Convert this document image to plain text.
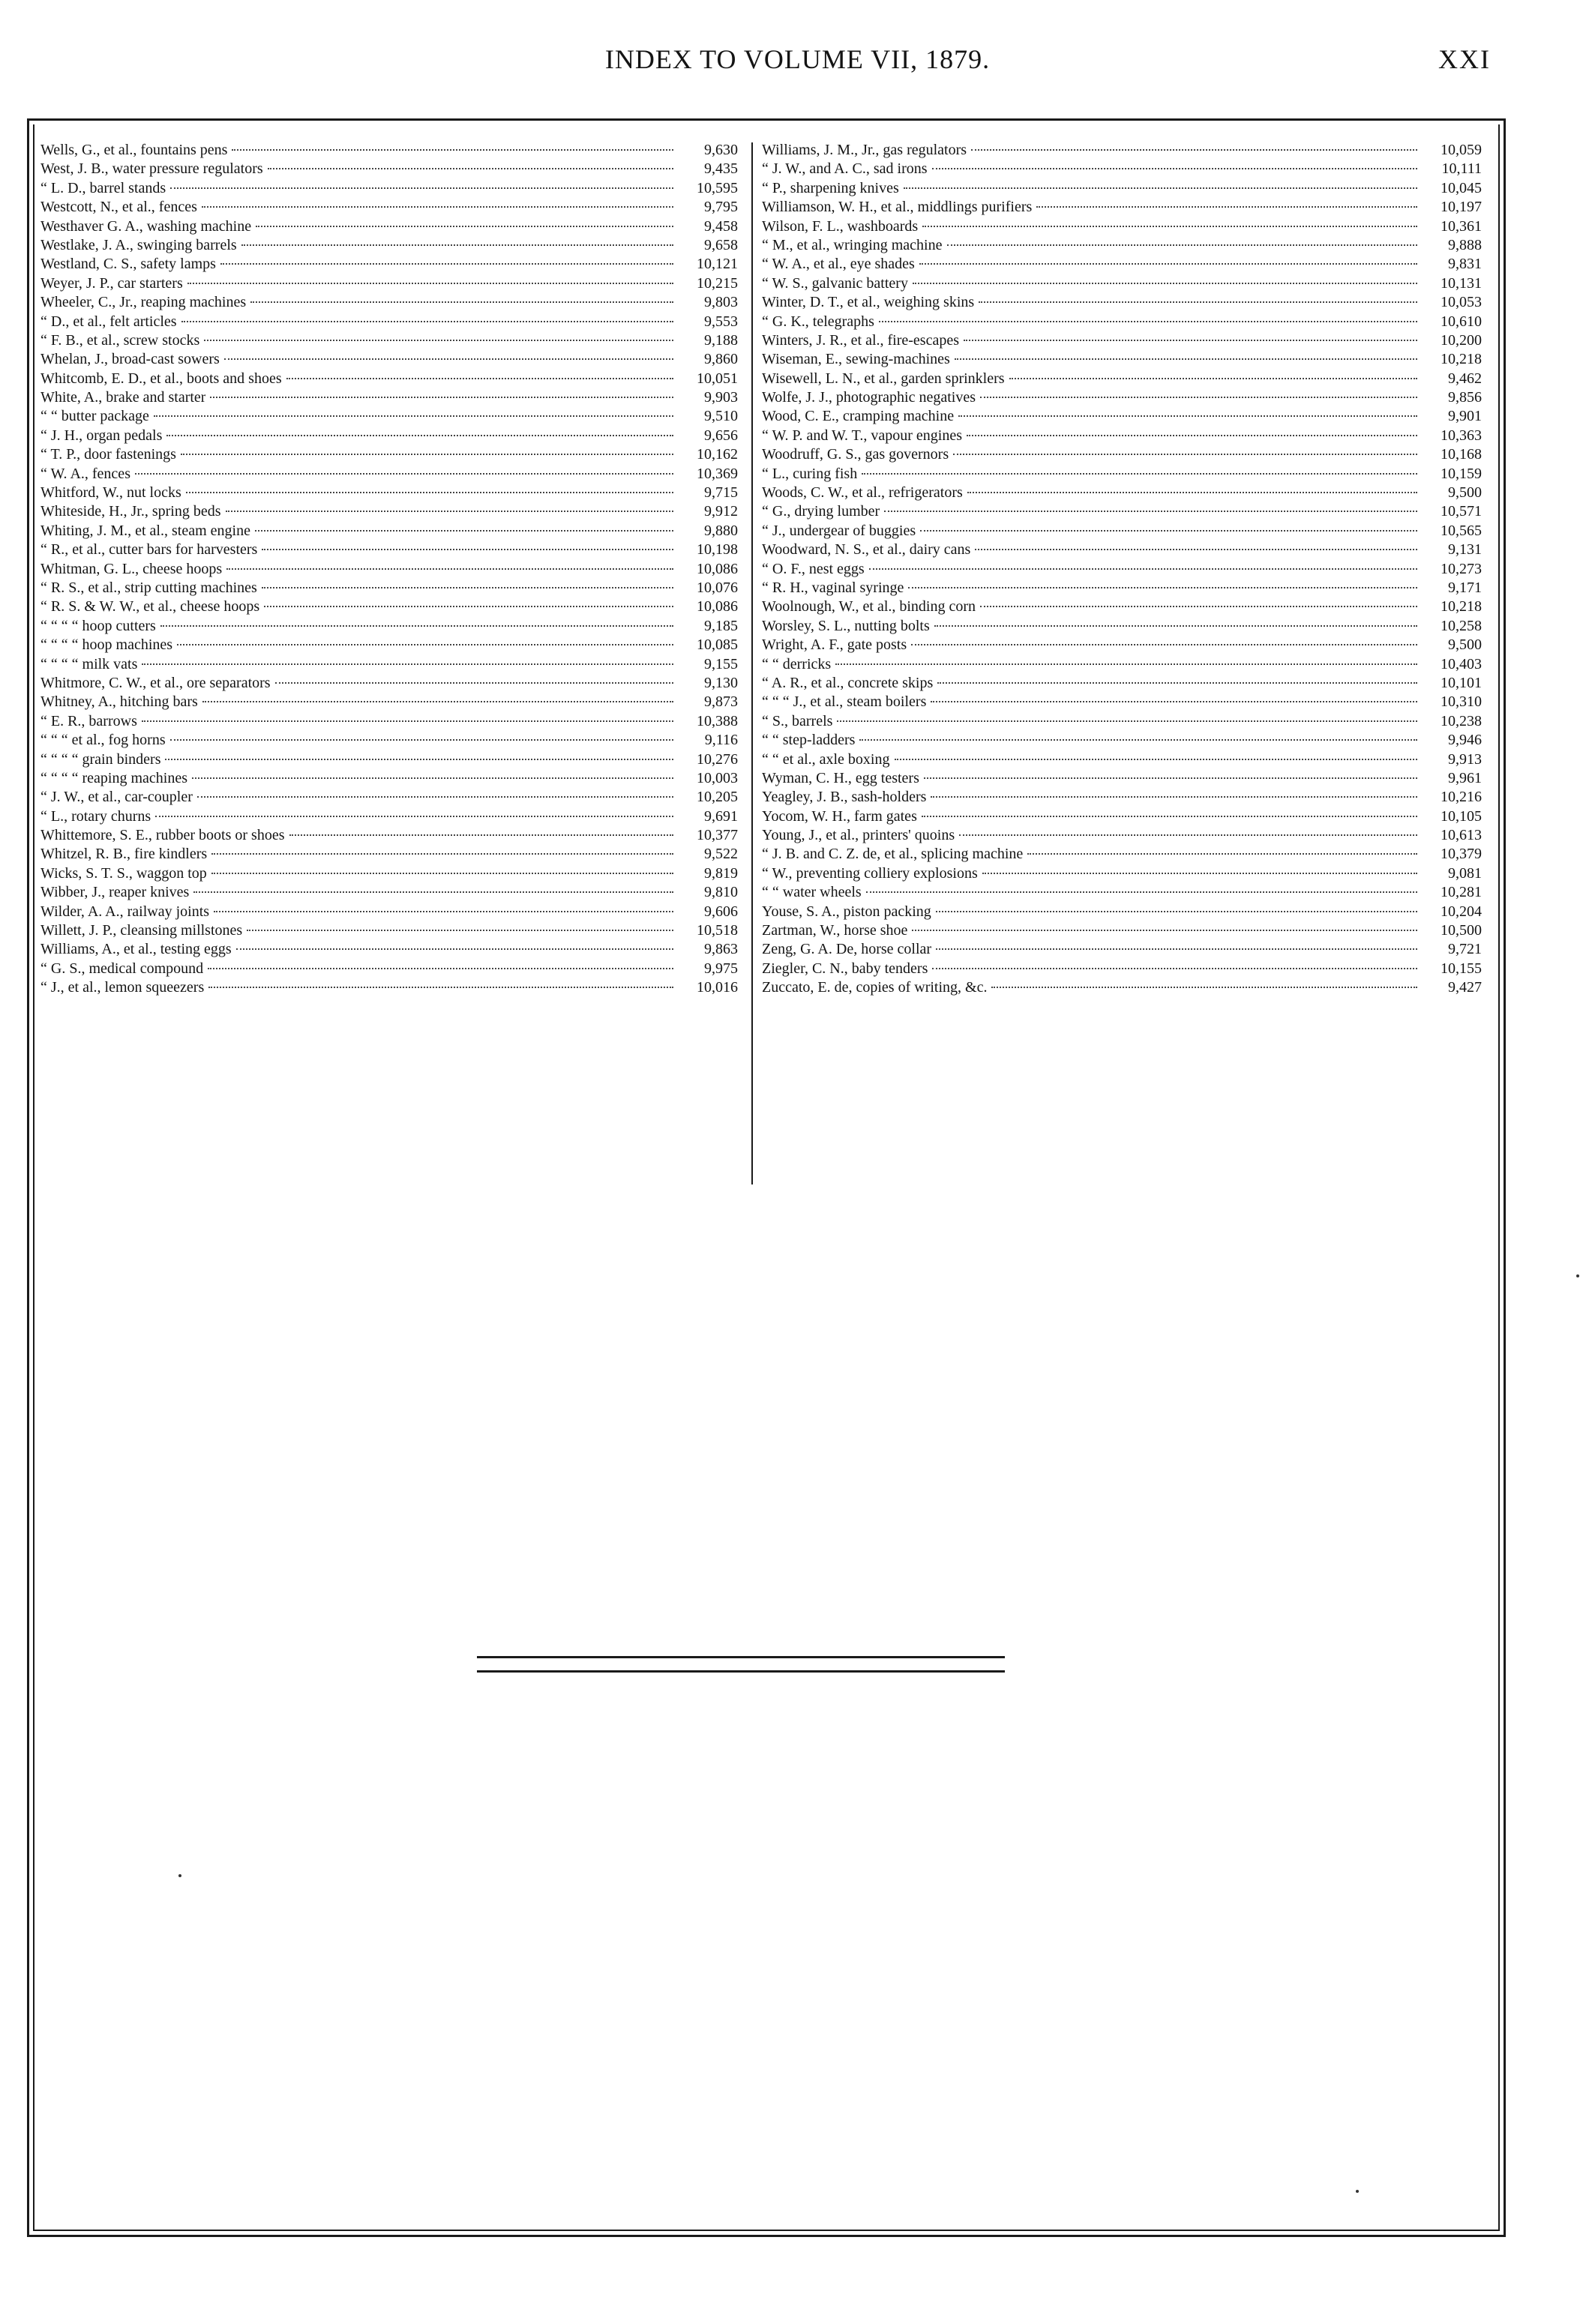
INDEX TO VOLUME VII, 1879.	XXI
Wells, G., et al., fountains pens	9,630
West, J. B., water pressure regulators	9,435
“ L. D., barrel stands	10,595
Westcott, N., et al., fences	9,795
Westhaver G. A., washing machine	9,458
Westlake, J. A., swinging barrels	9,658
Westland, C. S., safety lamps	10,121
Weyer, J. P., car starters	10,215
Wheeler, C., Jr., reaping machines	9,803
“ D., et al., felt articles	9,553
“ F. B., et al., screw stocks	9,188
Whelan, J., broad-cast sowers	9,860
Whitcomb, E. D., et al., boots and shoes	10,051
White, A., brake and starter	9,903
“ “ butter package	9,510
“ J. H., organ pedals	9,656
“ T. P., door fastenings	10,162
“ W. A., fences	10,369
Whitford, W., nut locks	9,715
Whiteside, H., Jr., spring beds	9,912
Whiting, J. M., et al., steam engine	9,880
“ R., et al., cutter bars for harvesters	10,198
Whitman, G. L., cheese hoops	10,086
“ R. S., et al., strip cutting machines	10,076
“ R. S. & W. W., et al., cheese hoops	10,086
“ “ “ “ hoop cutters	9,185
“ “ “ “ hoop machines	10,085
“ “ “ “ milk vats	9,155
Whitmore, C. W., et al., ore separators	9,130
Whitney, A., hitching bars	9,873
“ E. R., barrows	10,388
“ “ “ et al., fog horns	9,116
“ “ “ “ grain binders	10,276
“ “ “ “ reaping machines	10,003
“ J. W., et al., car-coupler	10,205
“ L., rotary churns	9,691
Whittemore, S. E., rubber boots or shoes	10,377
Whitzel, R. B., fire kindlers	9,522
Wicks, S. T. S., waggon top	9,819
Wibber, J., reaper knives	9,810
Wilder, A. A., railway joints	9,606
Willett, J. P., cleansing millstones	10,518
Williams, A., et al., testing eggs	9,863
“ G. S., medical compound	9,975
“ J., et al., lemon squeezers	10,016
Williams, J. M., Jr., gas regulators	10,059
“ J. W., and A. C., sad irons	10,111
“ P., sharpening knives	10,045
Williamson, W. H., et al., middlings purifiers	10,197
Wilson, F. L., washboards	10,361
“ M., et al., wringing machine	9,888
“ W. A., et al., eye shades	9,831
“ W. S., galvanic battery	10,131
Winter, D. T., et al., weighing skins	10,053
“ G. K., telegraphs	10,610
Winters, J. R., et al., fire-escapes	10,200
Wiseman, E., sewing-machines	10,218
Wisewell, L. N., et al., garden sprinklers	9,462
Wolfe, J. J., photographic negatives	9,856
Wood, C. E., cramping machine	9,901
“ W. P. and W. T., vapour engines	10,363
Woodruff, G. S., gas governors	10,168
“ L., curing fish	10,159
Woods, C. W., et al., refrigerators	9,500
“ G., drying lumber	10,571
“ J., undergear of buggies	10,565
Woodward, N. S., et al., dairy cans	9,131
“ O. F., nest eggs	10,273
“ R. H., vaginal syringe	9,171
Woolnough, W., et al., binding corn	10,218
Worsley, S. L., nutting bolts	10,258
Wright, A. F., gate posts	9,500
“ “ derricks	10,403
“ A. R., et al., concrete skips	10,101
“ “ “ J., et al., steam boilers	10,310
“ S., barrels	10,238
“ “ step-ladders	9,946
“ “ et al., axle boxing	9,913
Wyman, C. H., egg testers	9,961
Yeagley, J. B., sash-holders	10,216
Yocom, W. H., farm gates	10,105
Young, J., et al., printers' quoins	10,613
“ J. B. and C. Z. de, et al., splicing machine	10,379
“ W., preventing colliery explosions	9,081
“ “ water wheels	10,281
Youse, S. A., piston packing	10,204
Zartman, W., horse shoe	10,500
Zeng, G. A. De, horse collar	9,721
Ziegler, C. N., baby tenders	10,155
Zuccato, E. de, copies of writing, &c.	9,427
